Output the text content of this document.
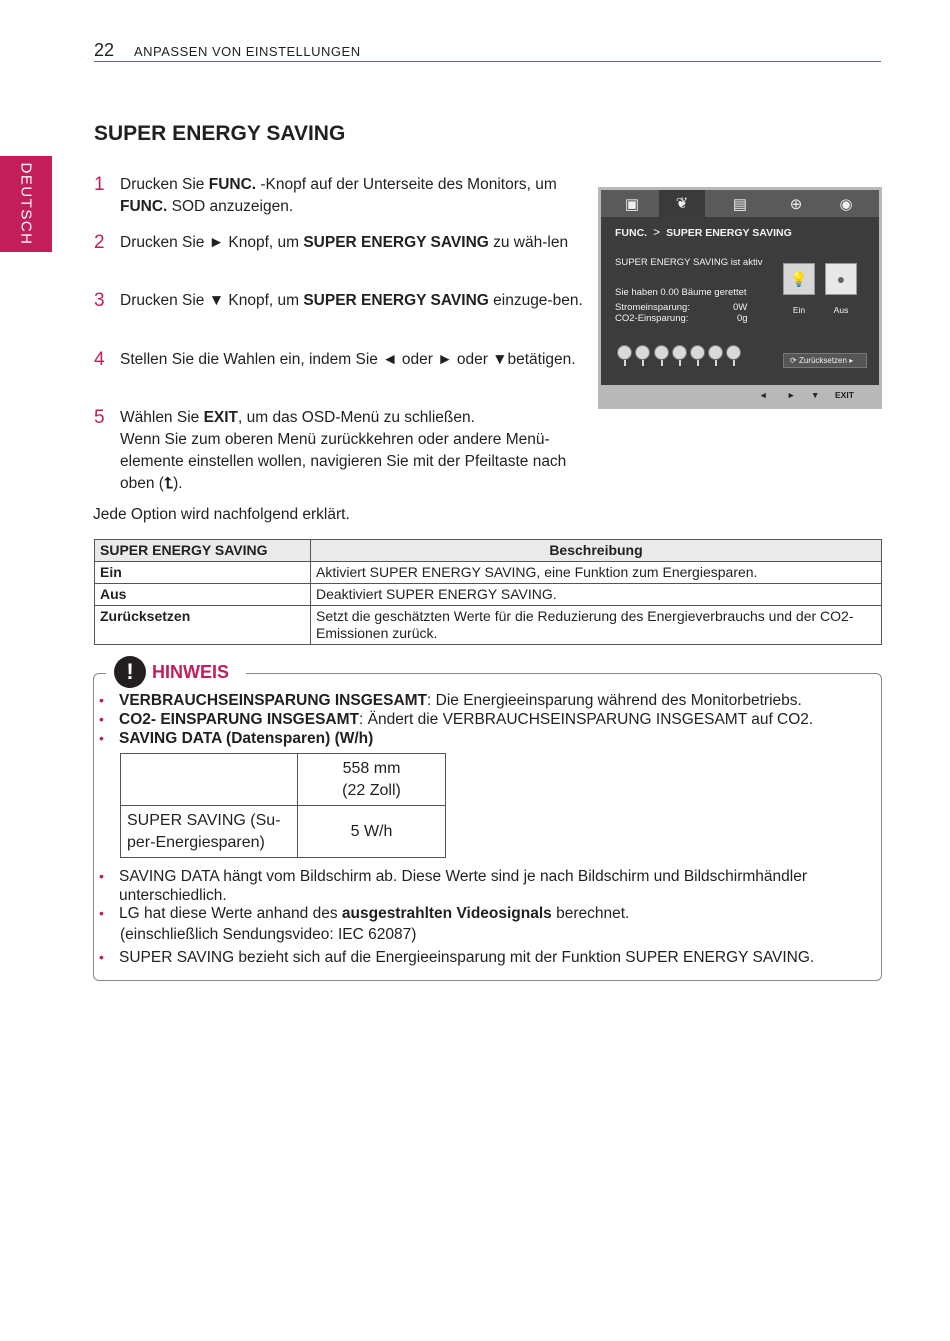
22 ANPASSEN VON EINSTELLUNGEN
DEUTSCH
SUPER ENERGY SAVING
1 Drucken Sie FUNC. -Knopf auf der Unterseite des Monitors, um FUNC. SOD anzuzeigen.
2 Drucken Sie ► Knopf, um SUPER ENERGY SAVING zu wäh-len
3 Drucken Sie ▼ Knopf, um SUPER ENERGY SAVING einzuge-ben.
4 Stellen Sie die Wahlen ein, indem Sie ◄ oder ► oder ▼betätigen.
5 Wählen Sie EXIT, um das OSD-Menü zu schließen.
Wenn Sie zum oberen Menü zurückkehren oder andere Menü-elemente einstellen wollen, navigieren Sie mit der Pfeiltaste nach oben (⮤).
Jede Option wird nachfolgend erklärt.
▣	❦	▤	⊕	◉
FUNC. > SUPER ENERGY SAVING
SUPER ENERGY SAVING ist aktiv
Sie haben 0.00 Bäume gerettet
Stromeinsparung:	0W
CO2-Einsparung:	0g
💡	●
Ein	Aus
⟳ Zurücksetzen ▸
◄ ► ▼ EXIT
SUPER ENERGY SAVING	Beschreibung
Ein	Aktiviert SUPER ENERGY SAVING, eine Funktion zum Energiesparen.
Aus	Deaktiviert SUPER ENERGY SAVING.
Zurücksetzen	Setzt die geschätzten Werte für die Reduzierung des Energieverbrauchs und der CO2-Emissionen zurück.
!	HINWEIS
• VERBRAUCHSEINSPARUNG INSGESAMT: Die Energieeinsparung während des Monitorbetriebs.
• CO2- EINSPARUNG INSGESAMT: Ändert die VERBRAUCHSEINSPARUNG INSGESAMT auf CO2.
• SAVING DATA (Datensparen) (W/h)
	558 mm
(22 Zoll)
SUPER SAVING (Su-
per-Energiesparen)	5 W/h
• SAVING DATA hängt vom Bildschirm ab. Diese Werte sind je nach Bildschirm und Bildschirmhändler unterschiedlich.
• LG hat diese Werte anhand des ausgestrahlten Videosignals berechnet.
(einschließlich Sendungsvideo: IEC 62087)
• SUPER SAVING bezieht sich auf die Energieeinsparung mit der Funktion SUPER ENERGY SAVING.
